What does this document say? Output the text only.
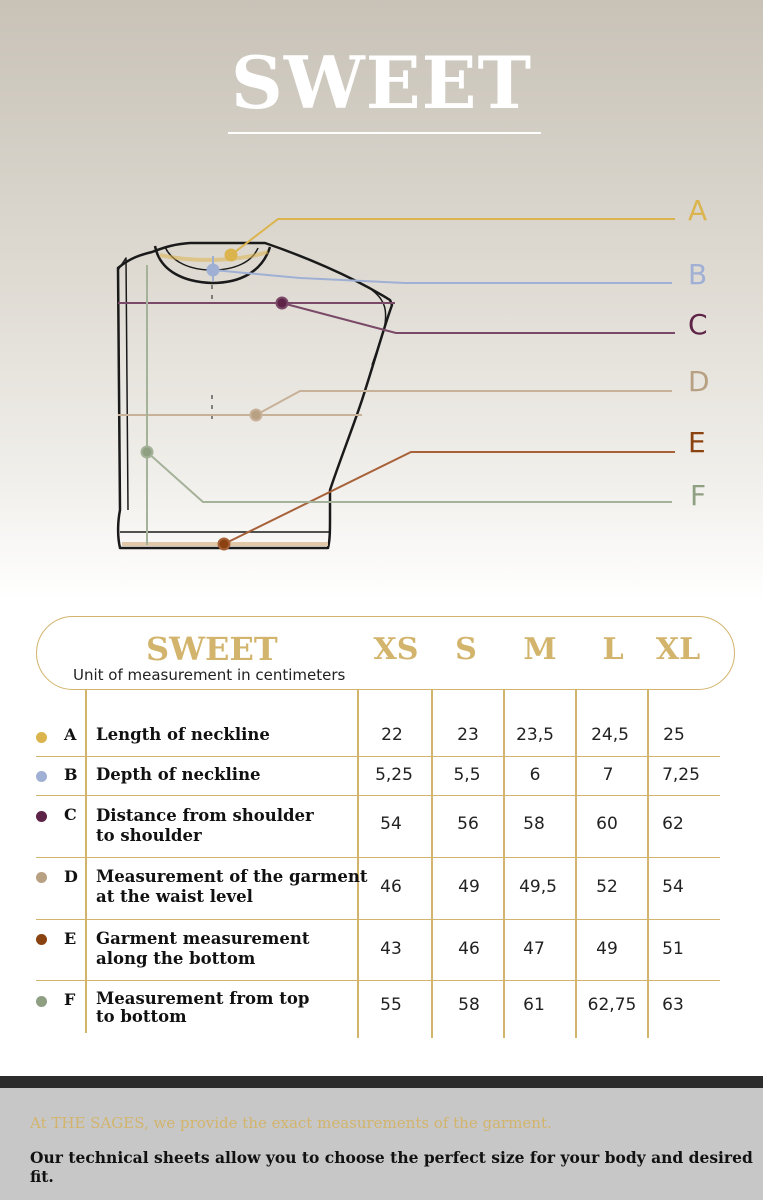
SWEET
A
B
C
D
E
F
SWEET
Unit of measurement in centimeters
XS	S	M	L	XL
A Length of neckline	22	23	23,5	24,5	25
B Depth of neckline	5,25	5,5	6	7	7,25
C Distance from shoulder
to shoulder
54	56	58	60	62
D Measurement of the garment
at the waist level	46	49	49,5	52	54
E Garment measurement
along the bottom	43	46	47	49	51
F Measurement from top
to bottom
55	58	61	62,75	63
At THE SAGES, we provide the exact measurements of the garment.
Our technical sheets allow you to choose the perfect size for your body and desired fit.
